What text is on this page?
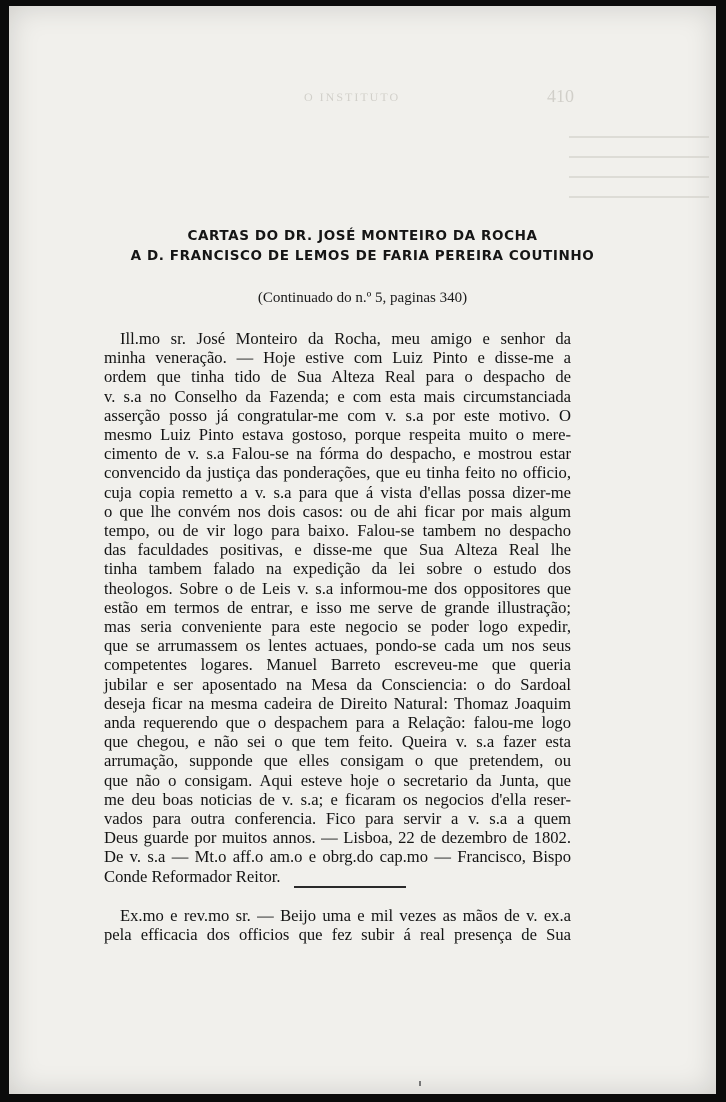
410
O INSTITUTO
CARTAS DO DR. JOSÉ MONTEIRO DA ROCHA
A D. FRANCISCO DE LEMOS DE FARIA PEREIRA COUTINHO
(Continuado do n.º 5, paginas 340)
Ill.mo sr. José Monteiro da Rocha, meu amigo e senhor da
minha veneração. — Hoje estive com Luiz Pinto e disse-me a
ordem que tinha tido de Sua Alteza Real para o despacho de
v. s.a no Conselho da Fazenda; e com esta mais circumstanciada
asserção posso já congratular-me com v. s.a por este motivo. O
mesmo Luiz Pinto estava gostoso, porque respeita muito o mere-
cimento de v. s.a Falou-se na fórma do despacho, e mostrou estar
convencido da justiça das ponderações, que eu tinha feito no officio,
cuja copia remetto a v. s.a para que á vista d'ellas possa dizer-me
o que lhe convém nos dois casos: ou de ahi ficar por mais algum
tempo, ou de vir logo para baixo. Falou-se tambem no despacho
das faculdades positivas, e disse-me que Sua Alteza Real lhe
tinha tambem falado na expedição da lei sobre o estudo dos
theologos. Sobre o de Leis v. s.a informou-me dos oppositores que
estão em termos de entrar, e isso me serve de grande illustração;
mas seria conveniente para este negocio se poder logo expedir,
que se arrumassem os lentes actuaes, pondo-se cada um nos seus
competentes logares. Manuel Barreto escreveu-me que queria
jubilar e ser aposentado na Mesa da Consciencia: o do Sardoal
deseja ficar na mesma cadeira de Direito Natural: Thomaz Joaquim
anda requerendo que o despachem para a Relação: falou-me logo
que chegou, e não sei o que tem feito. Queira v. s.a fazer esta
arrumação, supponde que elles consigam o que pretendem, ou
que não o consigam. Aqui esteve hoje o secretario da Junta, que
me deu boas noticias de v. s.a; e ficaram os negocios d'ella reser-
vados para outra conferencia. Fico para servir a v. s.a a quem
Deus guarde por muitos annos. — Lisboa, 22 de dezembro de 1802.
De v. s.a — Mt.o aff.o am.o e obrg.do cap.mo — Francisco, Bispo
Conde Reformador Reitor.
Ex.mo e rev.mo sr. — Beijo uma e mil vezes as mãos de v. ex.a
pela efficacia dos officios que fez subir á real presença de Sua
